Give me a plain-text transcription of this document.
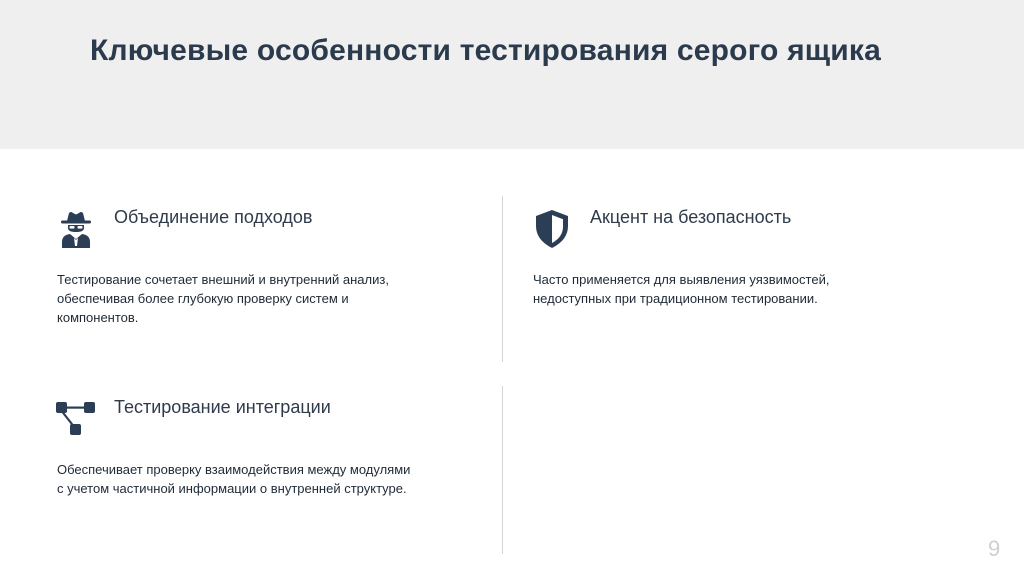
Ключевые особенности тестирования серого ящика
Объединение подходов

Тестирование сочетает внешний и внутренний анализ,
обеспечивая более глубокую проверку систем и
компонентов.

Акцент на безопасность

Часто применяется для выявления уязвимостей,
недоступных при традиционном тестировании.

Тестирование интеграции

Обеспечивает проверку взаимодействия между модулями
с учетом частичной информации о внутренней структуре.

9
